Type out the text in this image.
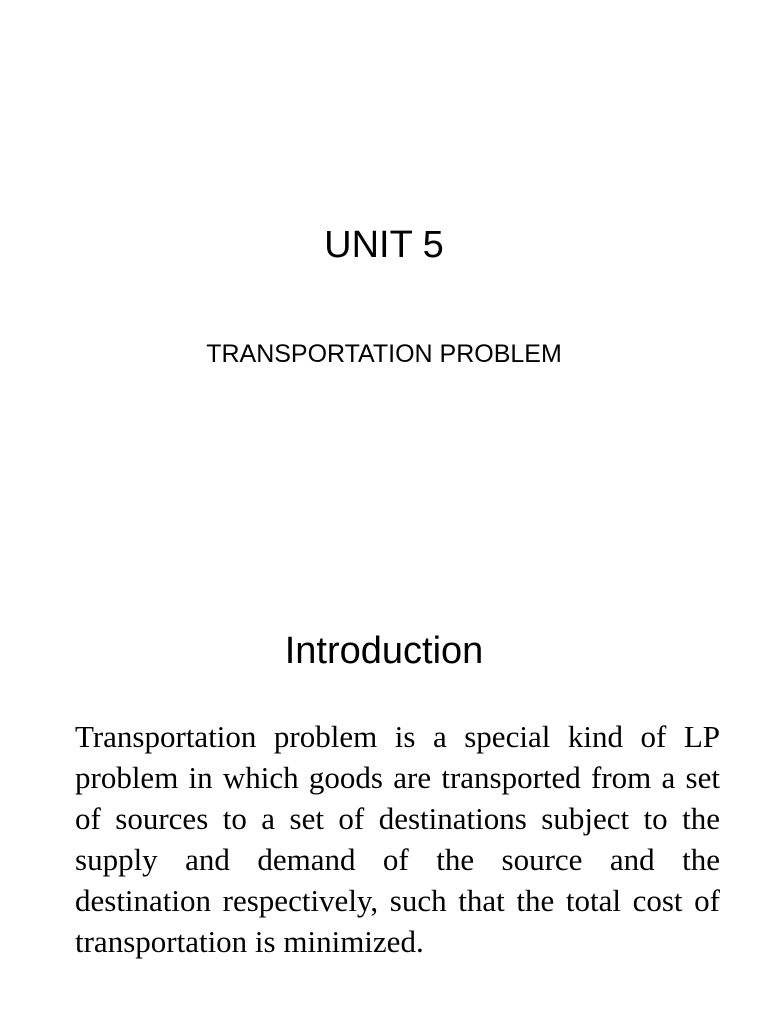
UNIT 5
TRANSPORTATION PROBLEM
Introduction

Transportation problem is a special kind of LP problem in which goods are transported from a set of sources to a set of destinations subject to the supply and demand of the source and the destination respectively, such that the total cost of transportation is minimized.
